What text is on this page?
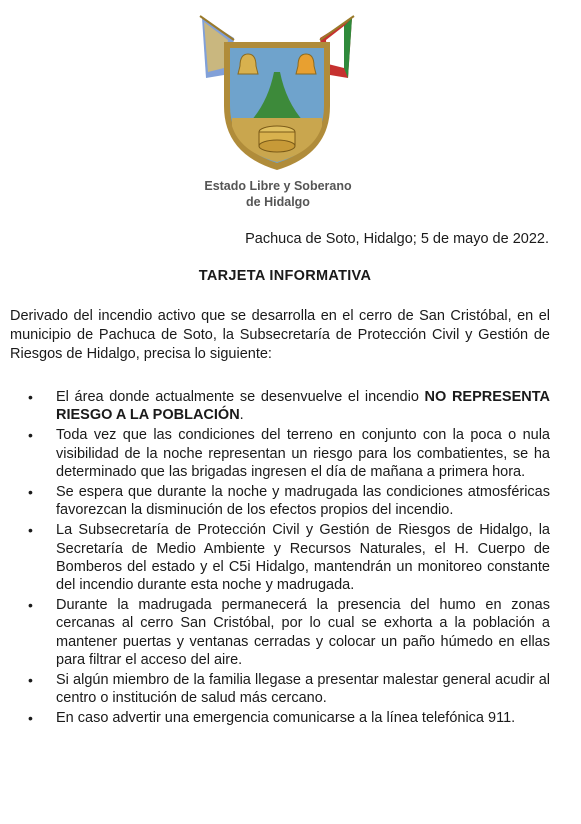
Estado Libre y Soberano
de Hidalgo
Pachuca de Soto, Hidalgo; 5 de mayo de 2022.
TARJETA INFORMATIVA

Derivado del incendio activo que se desarrolla en el cerro de San Cristóbal, en el municipio de Pachuca de Soto, la Subsecretaría de Protección Civil y Gestión de Riesgos de Hidalgo, precisa lo siguiente:

• El área donde actualmente se desenvuelve el incendio NO REPRESENTA RIESGO A LA POBLACIÓN.
• Toda vez que las condiciones del terreno en conjunto con la poca o nula visibilidad de la noche representan un riesgo para los combatientes, se ha determinado que las brigadas ingresen el día de mañana a primera hora.
• Se espera que durante la noche y madrugada las condiciones atmosféricas favorezcan la disminución de los efectos propios del incendio.
• La Subsecretaría de Protección Civil y Gestión de Riesgos de Hidalgo, la Secretaría de Medio Ambiente y Recursos Naturales, el H. Cuerpo de Bomberos del estado y el C5i Hidalgo, mantendrán un monitoreo constante del incendio durante esta noche y madrugada.
• Durante la madrugada permanecerá la presencia del humo en zonas cercanas al cerro San Cristóbal, por lo cual se exhorta a la población a mantener puertas y ventanas cerradas y colocar un paño húmedo en ellas para filtrar el acceso del aire.
• Si algún miembro de la familia llegase a presentar malestar general acudir al centro o institución de salud más cercano.
• En caso advertir una emergencia comunicarse a la línea telefónica 911.
